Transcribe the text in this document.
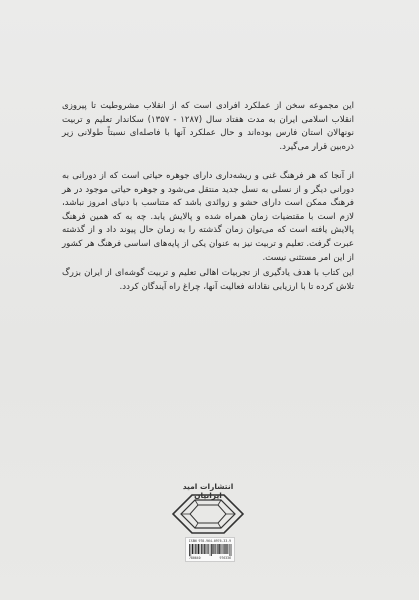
این مجموعه سخن از عملکرد افرادی است که از انقلاب مشروطیت تا پیروزی انقلاب اسلامی ایران به مدت هفتاد سال (۱۲۸۷ - ۱۳۵۷) سکاندار تعلیم و تربیت نونهالان استان فارس بوده‌اند و حال عملکرد آنها با فاصله‌ای نسبتاً طولانی زیر ذره‌بین قرار می‌گیرد.

از آنجا که هر فرهنگ غنی و ریشه‌داری دارای جوهره حیاتی است که از دورانی به دورانی دیگر و از نسلی به نسل جدید منتقل می‌شود و جوهره حیاتی موجود در هر فرهنگ ممکن است دارای حشو و زوائدی باشد که متناسب با دنیای امروز نباشد، لازم است با مقتضیات زمان همراه شده و پالایش یابد. چه به که همین فرهنگ پالایش یافته است که می‌توان زمان گذشته را به زمان حال پیوند داد و از گذشته عبرت گرفت. تعلیم و تربیت نیز به عنوان یکی از پایه‌های اساسی فرهنگ هر کشور از این امر مستثنی نیست.

این کتاب با هدف یادگیری از تجربیات اهالی تعلیم و تربیت گوشه‌ای از ایران بزرگ تلاش کرده تا با ارزیابی نقادانه فعالیت آنها، چراغ راه آیندگان کردد.

انتشارات امید ایرانیان
ISBN 978-964-0976-33-9
780640	976336
